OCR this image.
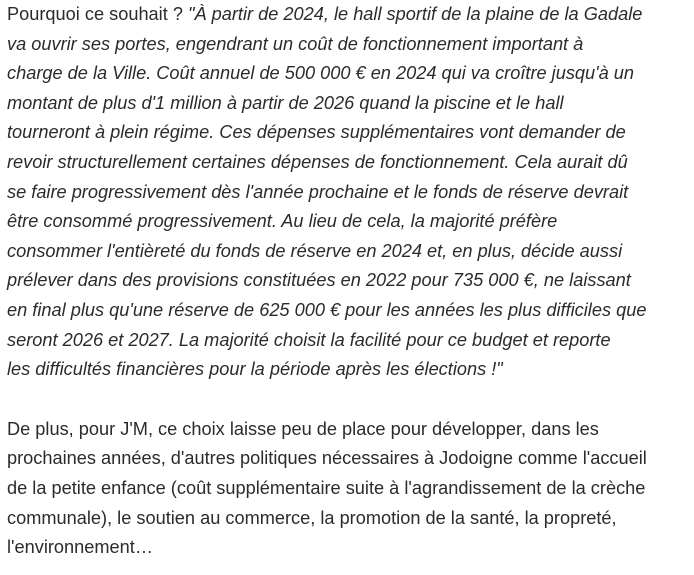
Pourquoi ce souhait ? "À partir de 2024, le hall sportif de la plaine de la Gadale
va ouvrir ses portes, engendrant un coût de fonctionnement important à
charge de la Ville. Coût annuel de 500 000 € en 2024 qui va croître jusqu'à un
montant de plus d'1 million à partir de 2026 quand la piscine et le hall
tourneront à plein régime. Ces dépenses supplémentaires vont demander de
revoir structurellement certaines dépenses de fonctionnement. Cela aurait dû
se faire progressivement dès l'année prochaine et le fonds de réserve devrait
être consommé progressivement. Au lieu de cela, la majorité préfère
consommer l'entièreté du fonds de réserve en 2024 et, en plus, décide aussi
prélever dans des provisions constituées en 2022 pour 735 000 €, ne laissant
en final plus qu'une réserve de 625 000 € pour les années les plus difficiles que
seront 2026 et 2027. La majorité choisit la facilité pour ce budget et reporte
les difficultés financières pour la période après les élections !"

De plus, pour J'M, ce choix laisse peu de place pour développer, dans les
prochaines années, d'autres politiques nécessaires à Jodoigne comme l'accueil
de la petite enfance (coût supplémentaire suite à l'agrandissement de la crèche
communale), le soutien au commerce, la promotion de la santé, la propreté,
l'environnement…
